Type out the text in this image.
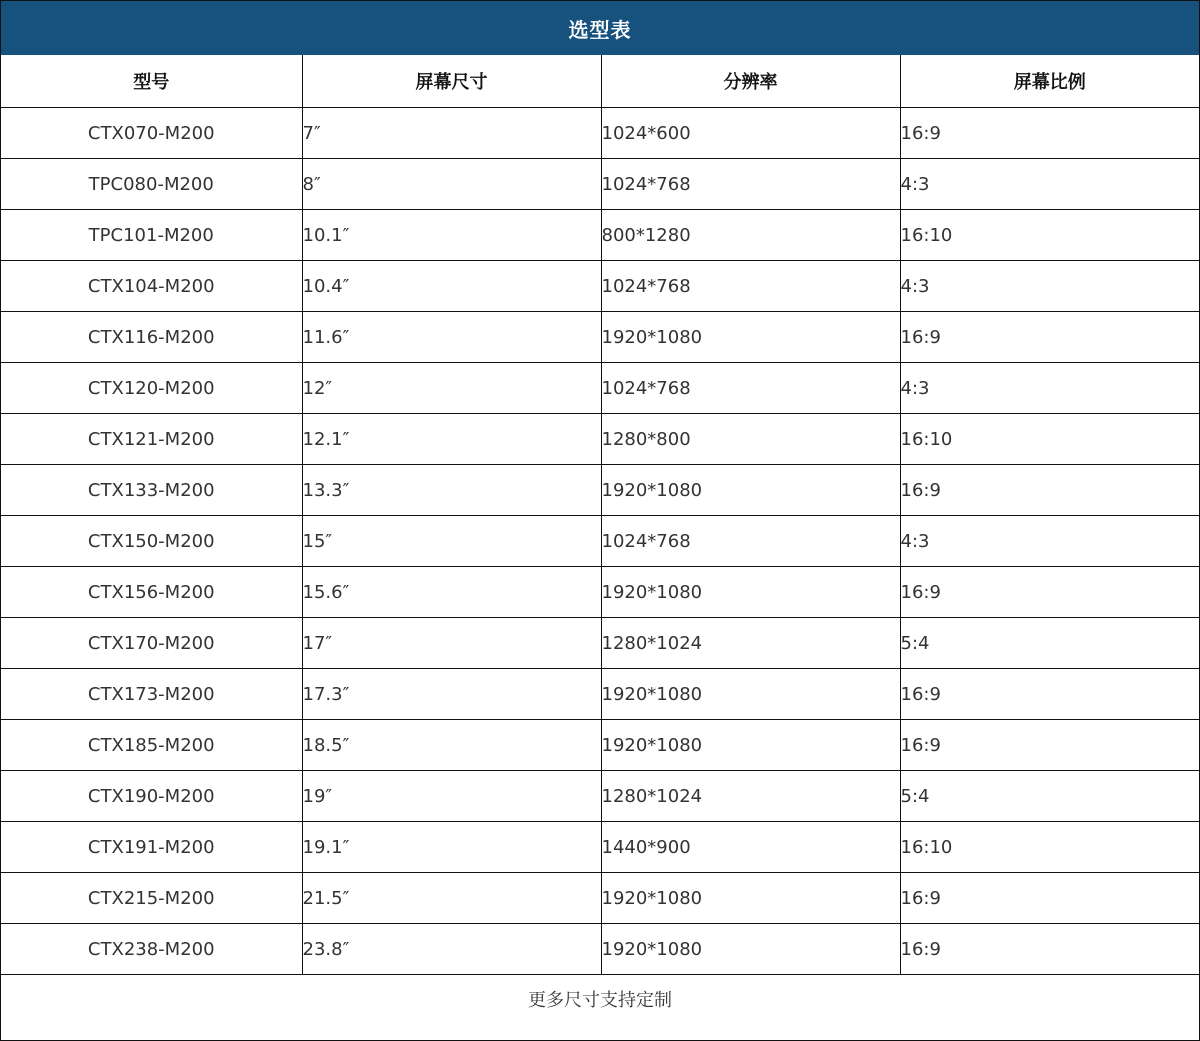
选型表
型号	屏幕尺寸	分辨率	屏幕比例
CTX070-M200	7″	1024*600	16:9
TPC080-M200	8″	1024*768	4:3
TPC101-M200	10.1″	800*1280	16:10
CTX104-M200	10.4″	1024*768	4:3
CTX116-M200	11.6″	1920*1080	16:9
CTX120-M200	12″	1024*768	4:3
CTX121-M200	12.1″	1280*800	16:10
CTX133-M200	13.3″	1920*1080	16:9
CTX150-M200	15″	1024*768	4:3
CTX156-M200	15.6″	1920*1080	16:9
CTX170-M200	17″	1280*1024	5:4
CTX173-M200	17.3″	1920*1080	16:9
CTX185-M200	18.5″	1920*1080	16:9
CTX190-M200	19″	1280*1024	5:4
CTX191-M200	19.1″	1440*900	16:10
CTX215-M200	21.5″	1920*1080	16:9
CTX238-M200	23.8″	1920*1080	16:9
更多尺寸支持定制			
